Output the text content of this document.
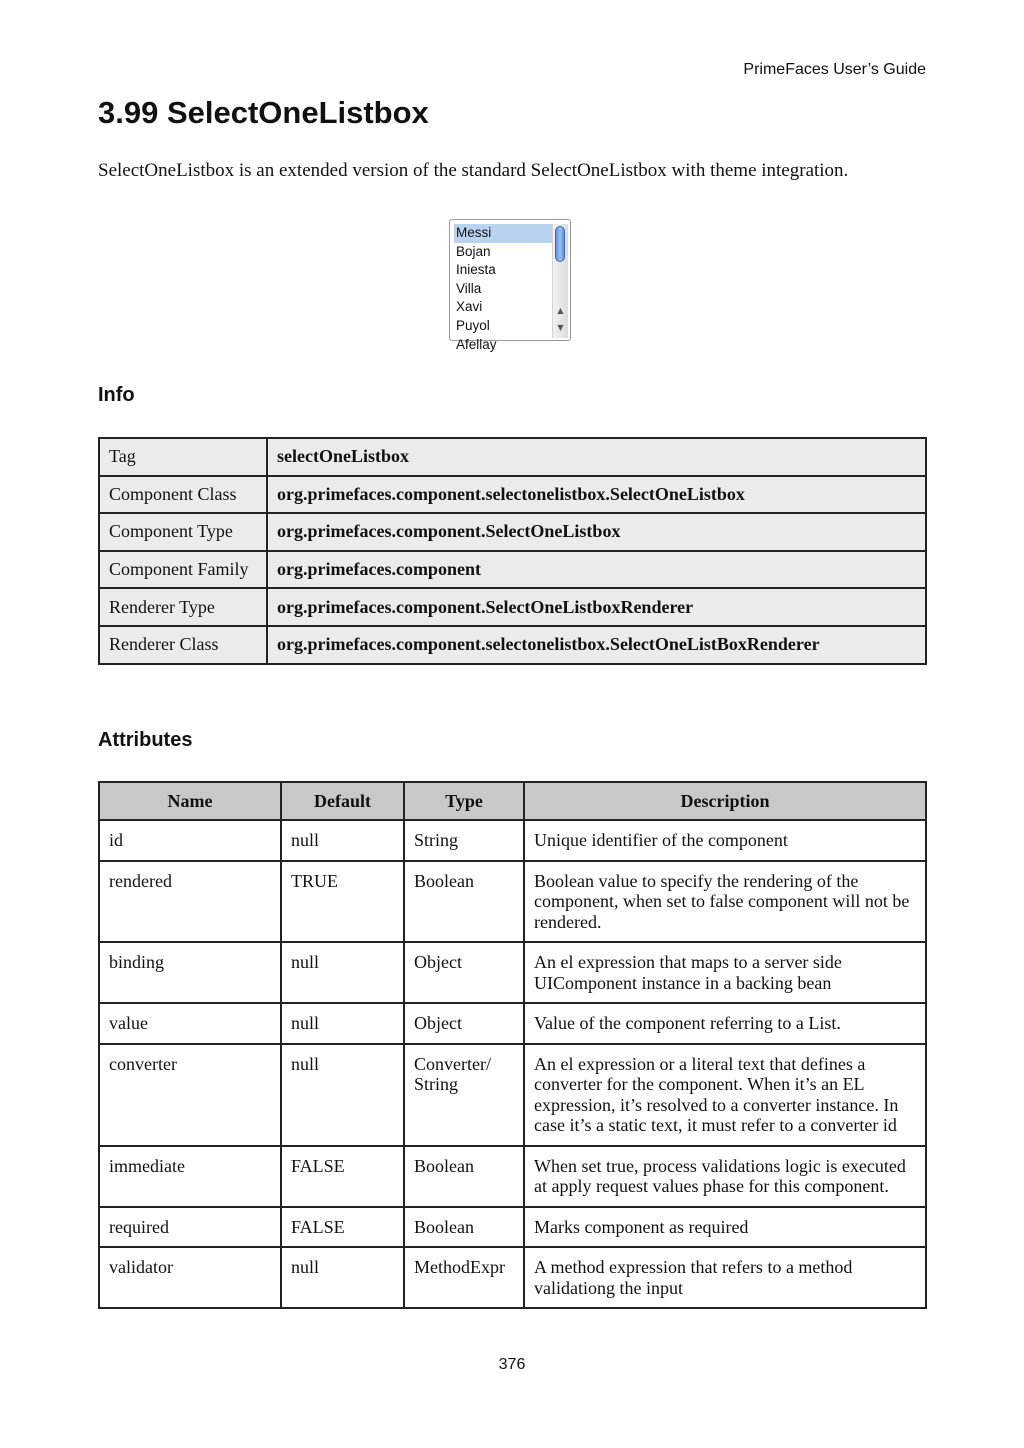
PrimeFaces User’s Guide
3.99 SelectOneListbox

SelectOneListbox is an extended version of the standard SelectOneListbox with theme integration.

Messi
Bojan
Iniesta
Villa
Xavi
Puyol
Afellay
▲
▼
Info
Tag	selectOneListbox
Component Class	org.primefaces.component.selectonelistbox.SelectOneListbox
Component Type	org.primefaces.component.SelectOneListbox
Component Family	org.primefaces.component
Renderer Type	org.primefaces.component.SelectOneListboxRenderer
Renderer Class	org.primefaces.component.selectonelistbox.SelectOneListBoxRenderer
Attributes
Name	Default	Type	Description
id	null	String	Unique identifier of the component
rendered	TRUE	Boolean	Boolean value to specify the rendering of the component, when set to false component will not be rendered.
binding	null	Object	An el expression that maps to a server side UIComponent instance in a backing bean
value	null	Object	Value of the component referring to a List.
converter	null	Converter/ String	An el expression or a literal text that defines a converter for the component. When it’s an EL expression, it’s resolved to a converter instance. In case it’s a static text, it must refer to a converter id
immediate	FALSE	Boolean	When set true, process validations logic is executed at apply request values phase for this component.
required	FALSE	Boolean	Marks component as required
validator	null	MethodExpr	A method expression that refers to a method validationg the input
376
